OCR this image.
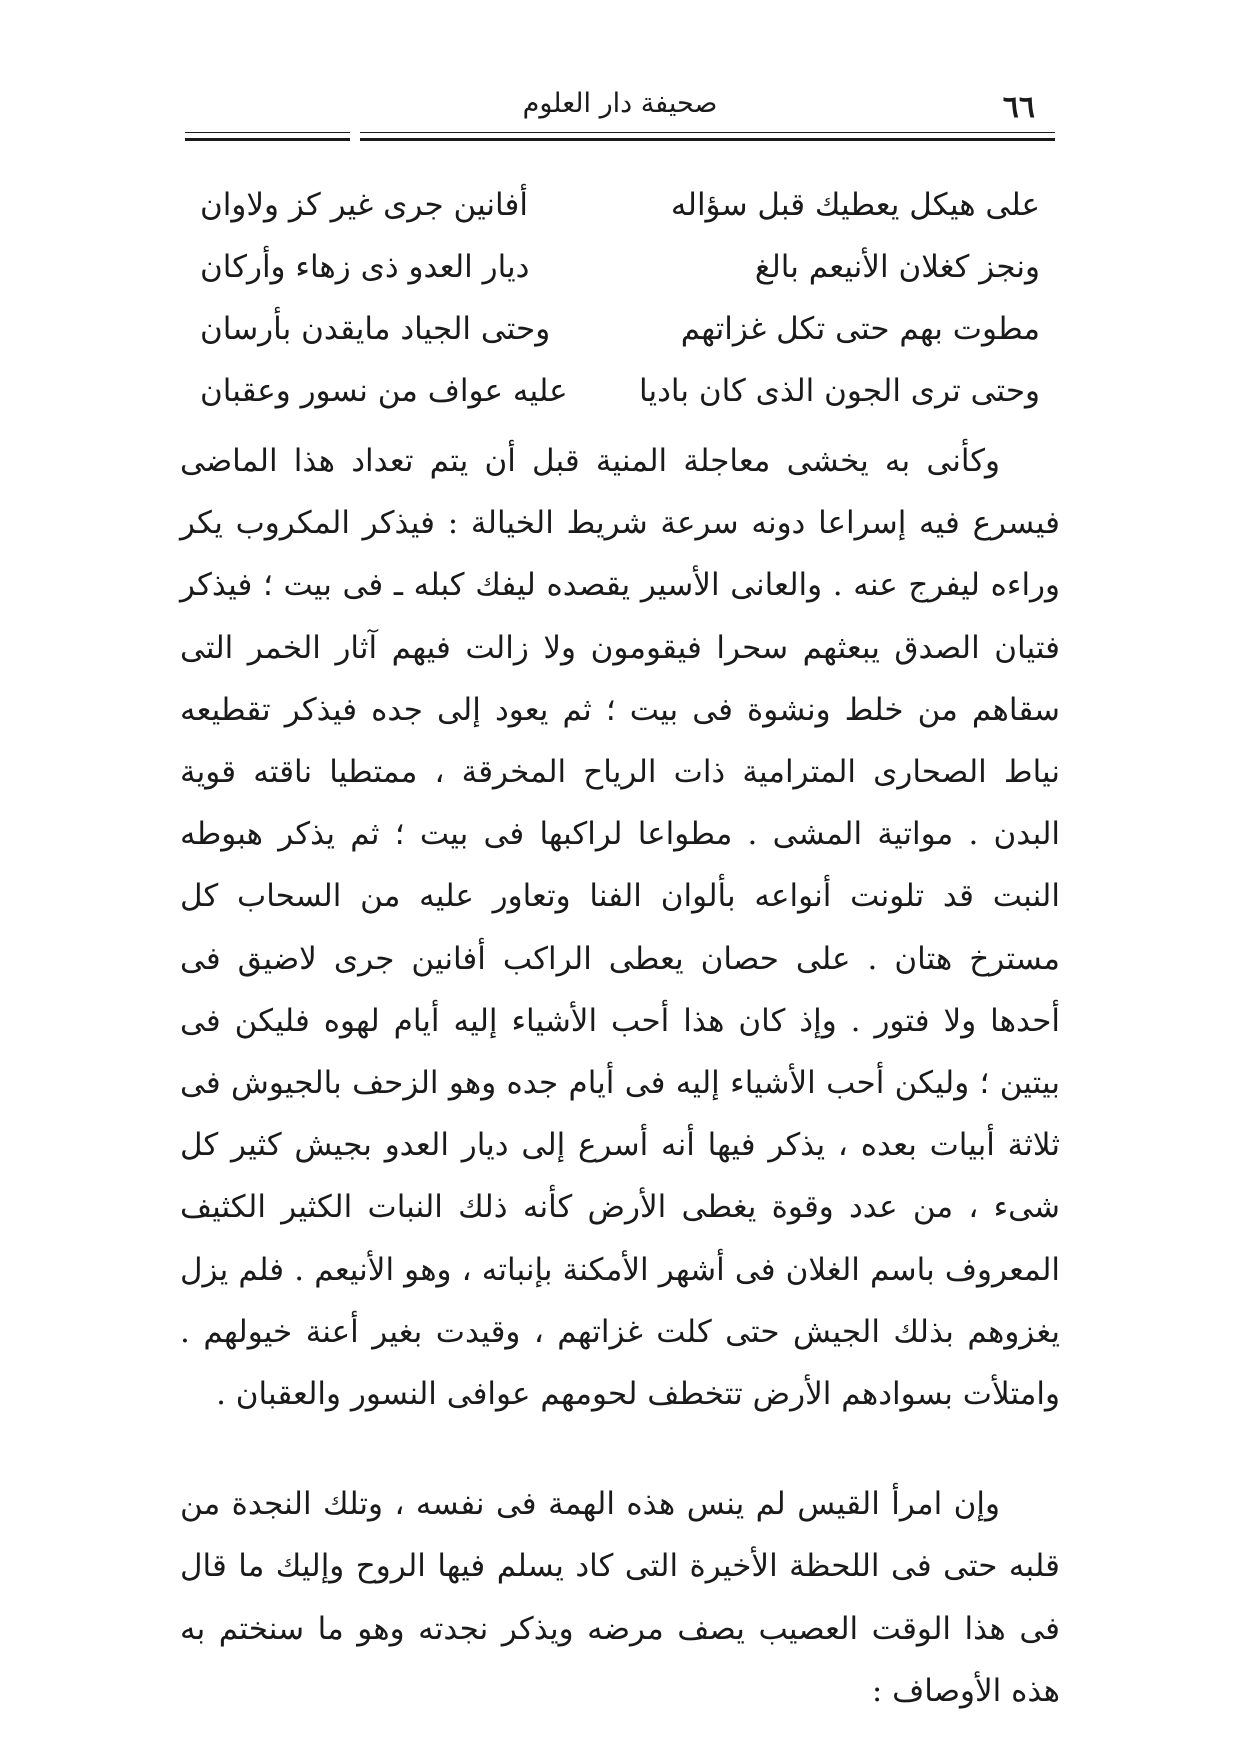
٦٦
صحيفة دار العلوم
على هيكل يعطيك قبل سؤاله
أفانين جرى غير كز ولاوان
ونجز كغلان الأنيعم بالغ
ديار العدو ذى زهاء وأركان
مطوت بهم حتى تكل غزاتهم
وحتى الجياد مايقدن بأرسان
وحتى ترى الجون الذى كان باديا
عليه عواف من نسور وعقبان

وكأنى به يخشى معاجلة المنية قبل أن يتم تعداد هذا الماضى فيسرع فيه إسراعا دونه سرعة شريط الخيالة : فيذكر المكروب يكر وراءه ليفرج عنه . والعانى الأسير يقصده ليفك كبله ـ فى بيت ؛ فيذكر فتيان الصدق يبعثهم سحرا فيقومون ولا زالت فيهم آثار الخمر التى سقاهم من خلط ونشوة فى بيت ؛ ثم يعود إلى جده فيذكر تقطيعه نياط الصحارى المترامية ذات الرياح المخرقة ، ممتطيا ناقته قوية البدن . مواتية المشى . مطواعا لراكبها فى بيت ؛ ثم يذكر هبوطه النبت قد تلونت أنواعه بألوان الفنا وتعاور عليه من السحاب كل مسترخ هتان . على حصان يعطى الراكب أفانين جرى لاضيق فى أحدها ولا فتور . وإذ كان هذا أحب الأشياء إليه أيام لهوه فليكن فى بيتين ؛ وليكن أحب الأشياء إليه فى أيام جده وهو الزحف بالجيوش فى ثلاثة أبيات بعده ، يذكر فيها أنه أسرع إلى ديار العدو بجيش كثير كل شىء ، من عدد وقوة يغطى الأرض كأنه ذلك النبات الكثير الكثيف المعروف باسم الغلان فى أشهر الأمكنة بإنباته ، وهو الأنيعم . فلم يزل يغزوهم بذلك الجيش حتى كلت غزاتهم ، وقيدت بغير أعنة خيولهم . وامتلأت بسوادهم الأرض تتخطف لحومهم عوافى النسور والعقبان .

وإن امرأ القيس لم ينس هذه الهمة فى نفسه ، وتلك النجدة من قلبه حتى فى اللحظة الأخيرة التى كاد يسلم فيها الروح وإليك ما قال فى هذا الوقت العصيب يصف مرضه ويذكر نجدته وهو ما سنختم به هذه الأوصاف :
